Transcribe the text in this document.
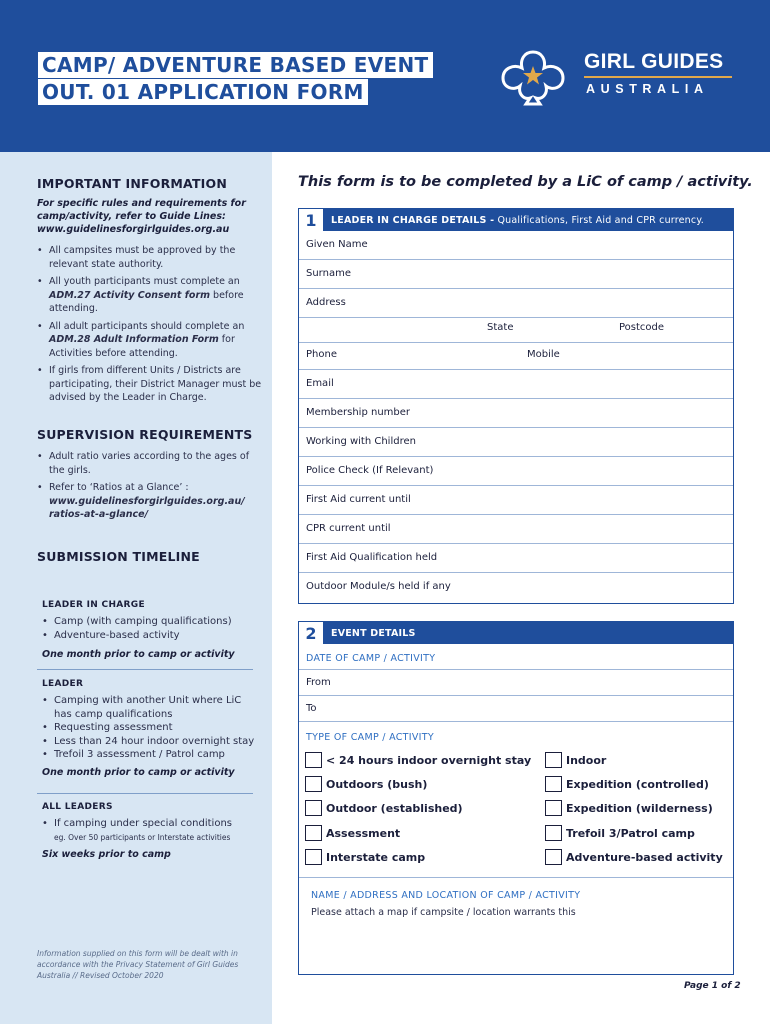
CAMP/ ADVENTURE BASED EVENT
OUT. 01 APPLICATION FORM
GIRL GUIDES
AUSTRALIA
IMPORTANT INFORMATION
For specific rules and requirements for camp/activity, refer to Guide Lines: www.guidelinesforgirlguides.org.au
• All campsites must be approved by the relevant state authority.
• All youth participants must complete an ADM.27 Activity Consent form before attending.
• All adult participants should complete an ADM.28 Adult Information Form for Activities before attending.
• If girls from different Units / Districts are participating, their District Manager must be advised by the Leader in Charge.
SUPERVISION REQUIREMENTS
• Adult ratio varies according to the ages of the girls.
• Refer to ‘Ratios at a Glance’ : www.guidelinesforgirlguides.org.au/ ratios-at-a-glance/
SUBMISSION TIMELINE
LEADER IN CHARGE
• Camp (with camping qualifications)
• Adventure-based activity
One month prior to camp or activity
LEADER
• Camping with another Unit where LiC has camp qualifications
• Requesting assessment
• Less than 24 hour indoor overnight stay
• Trefoil 3 assessment / Patrol camp
One month prior to camp or activity
ALL LEADERS
• If camping under special conditions
eg. Over 50 participants or Interstate activities
Six weeks prior to camp
Information supplied on this form will be dealt with in accordance with the Privacy Statement of Girl Guides Australia // Revised October 2020
This form is to be completed by a LiC of camp / activity.
1	LEADER IN CHARGE DETAILS - Qualifications, First Aid and CPR currency.
Given Name
Surname
Address
State	Postcode
Phone	Mobile
Email
Membership number
Working with Children
Police Check (If Relevant)
First Aid current until
CPR current until
First Aid Qualification held
Outdoor Module/s held if any
2	EVENT DETAILS
DATE OF CAMP / ACTIVITY
From
To
TYPE OF CAMP / ACTIVITY
< 24 hours indoor overnight stay
Outdoors (bush)
Outdoor (established)
Assessment
Interstate camp
Indoor
Expedition (controlled)
Expedition (wilderness)
Trefoil 3/Patrol camp
Adventure-based activity
NAME / ADDRESS AND LOCATION OF CAMP / ACTIVITY
Please attach a map if campsite / location warrants this
Page 1 of 2
